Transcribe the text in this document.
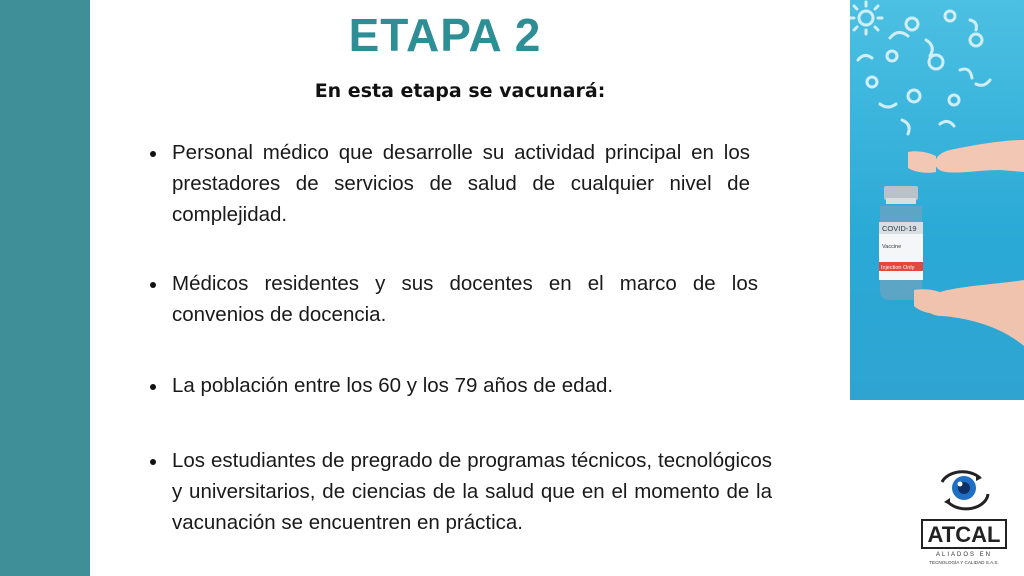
ETAPA 2
En esta etapa se vacunará:
Personal médico que desarrolle su actividad principal en los prestadores de servicios de salud de cualquier nivel de complejidad.
Médicos residentes y sus docentes en el marco de los convenios de docencia.
La población entre los 60 y los 79 años de edad.
Los estudiantes de pregrado de programas técnicos, tecnológicos y universitarios, de ciencias de la salud que en el momento de la vacunación se encuentren en práctica.
COVID-19
Vaccine
Injection Only
ATCAL
ALIADOS EN
TECNOLOGÍA Y CALIDAD S.A.S.
